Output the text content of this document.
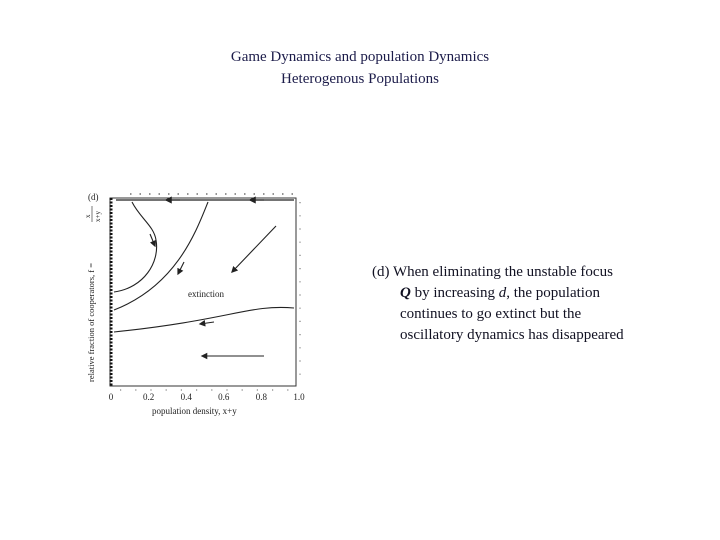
Game Dynamics and population Dynamics
Heterogenous Populations
(d)
extinction
relative fraction of cooperators, f =
x x+y
0	0.2	0.4	0.6	0.8	1.0
population density, x+y
(d) When eliminating the unstable focus
Q by increasing d, the population
continues to go extinct but the
oscillatory dynamics has disappeared
